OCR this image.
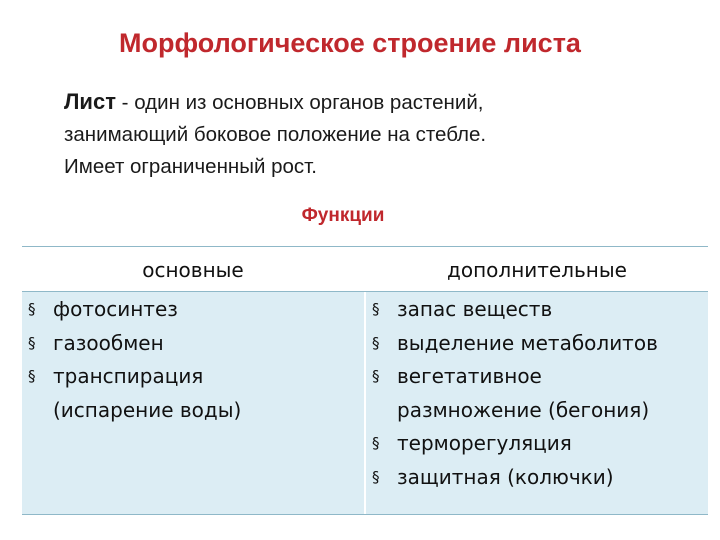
Морфологическое строение листа
Лист - один из основных органов растений,
занимающий боковое положение на стебле.
Имеет ограниченный рост.
Функции
основные	дополнительные
§ фотосинтез
§ газообмен
§ транспирация
(испарение воды)
§ запас веществ
§ выделение метаболитов
§ вегетативное
размножение (бегония)
§ терморегуляция
§ защитная (колючки)
